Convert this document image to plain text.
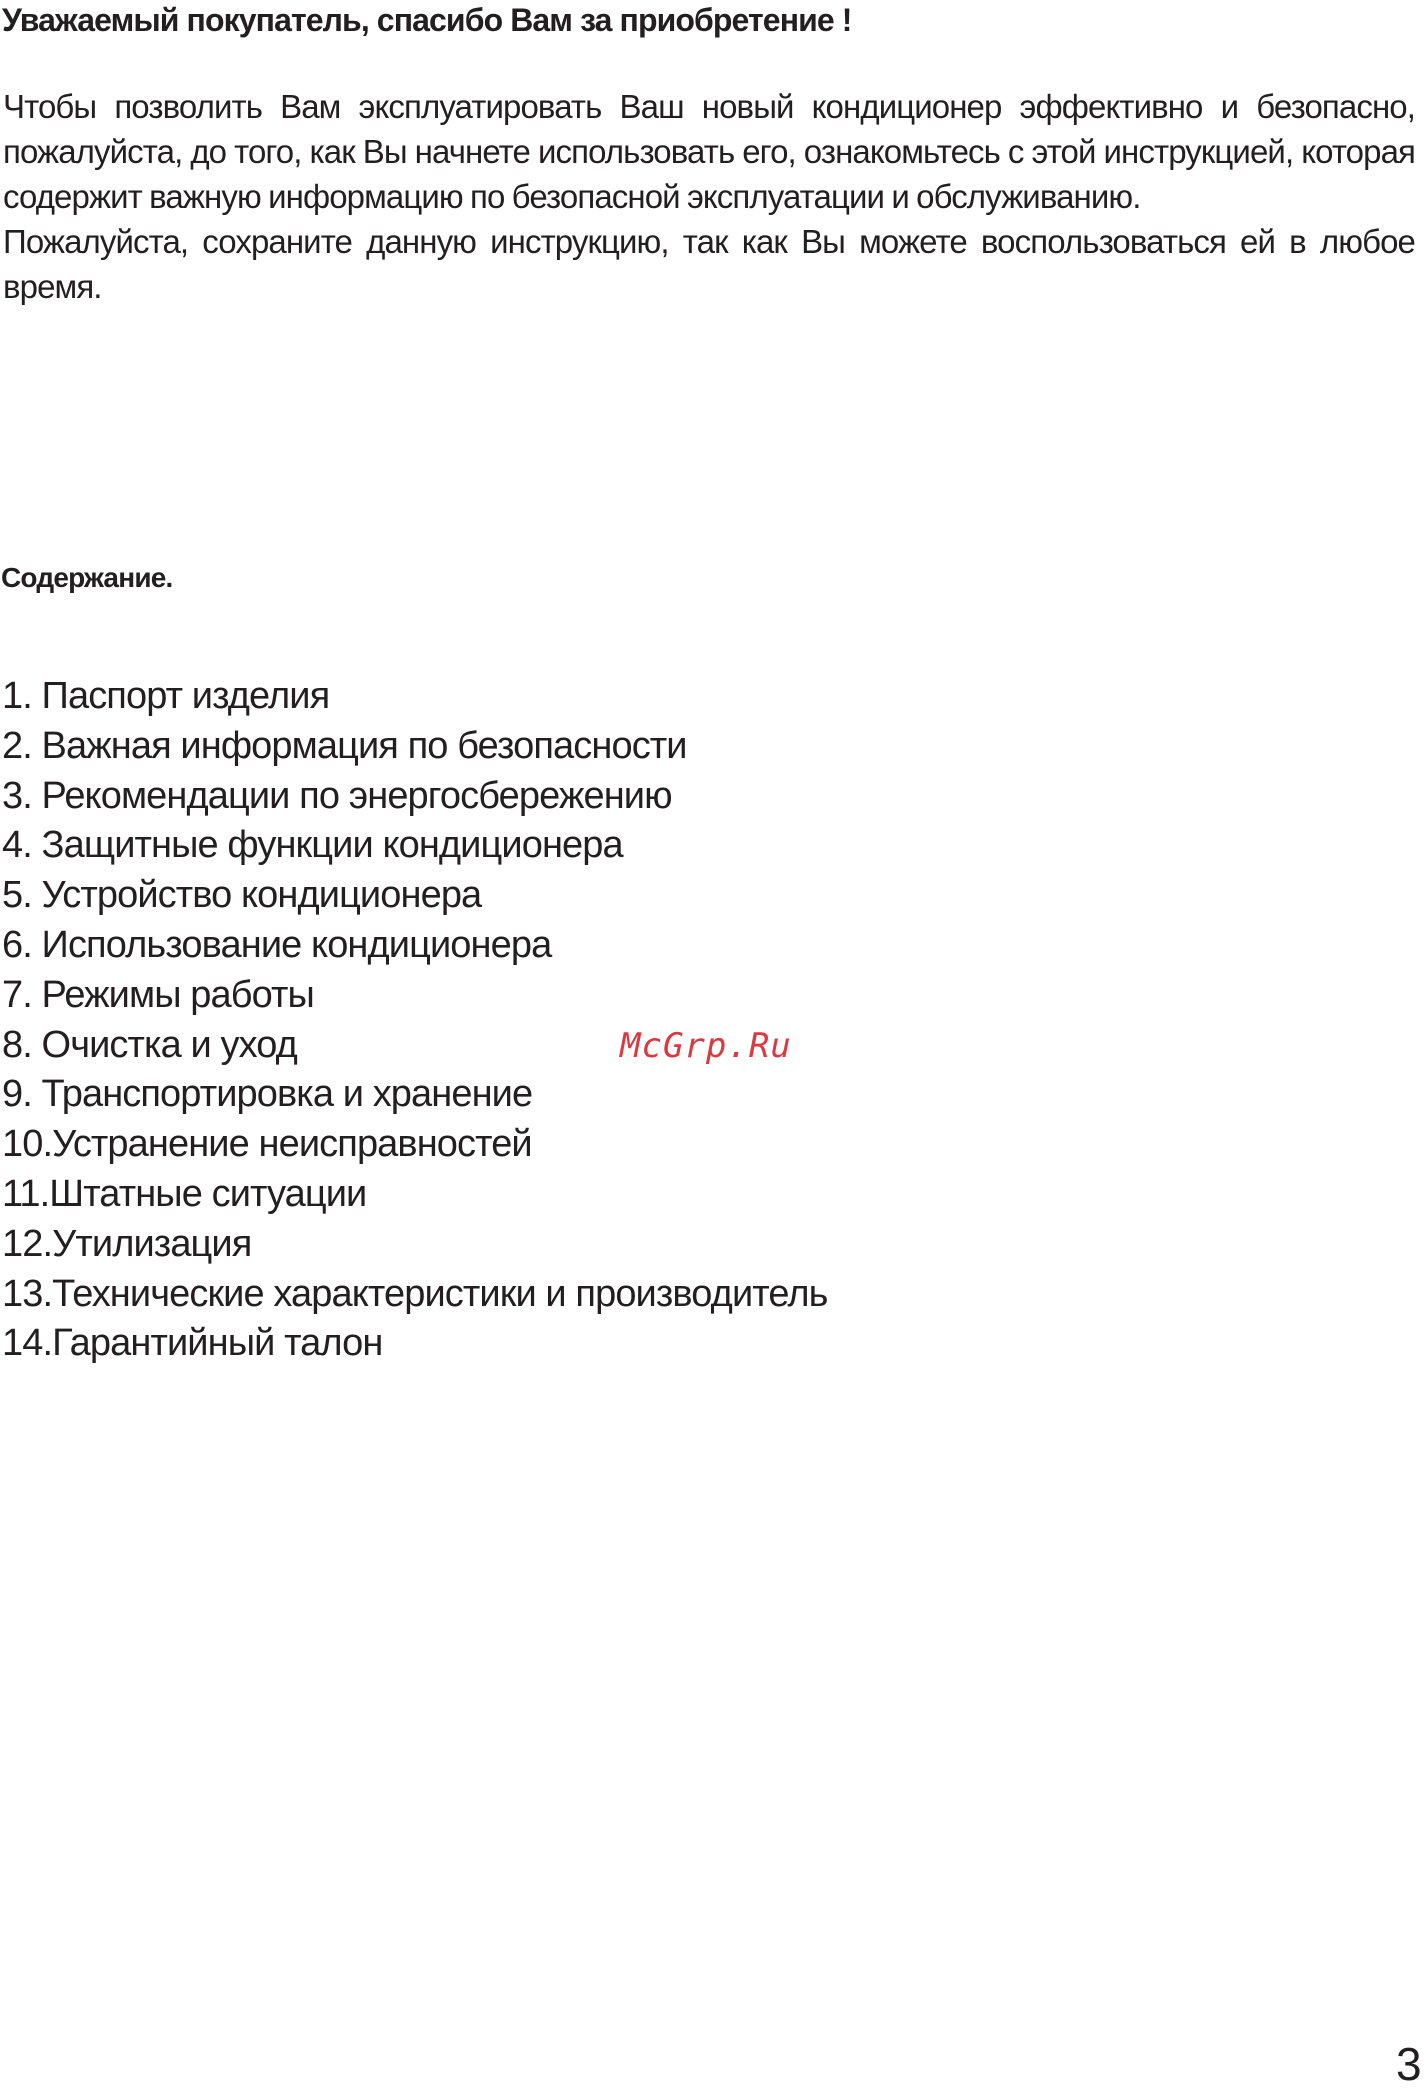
Уважаемый покупатель, спасибо Вам за приобретение !

Чтобы позволить Вам эксплуатировать Ваш новый кондиционер эффективно и безопасно, пожалуйста, до того, как Вы начнете использовать его, ознакомьтесь с этой инструкцией, которая содержит важную информацию по безопасной эксплуатации и обслуживанию.

Пожалуйста, сохраните данную инструкцию, так как Вы можете воспользоваться ей в любое время.

Содержание.
1. Паспорт изделия
2. Важная информация по безопасности
3. Рекомендации по энергосбережению
4. Защитные функции кондиционера
5. Устройство кондиционера
6. Использование кондиционера
7. Режимы работы
8. Очистка и уход
9. Транспортировка и хранение
10.Устранение неисправностей
11.Штатные ситуации
12.Утилизация
13.Технические характеристики и производитель
14.Гарантийный талон
McGrp.Ru
3
